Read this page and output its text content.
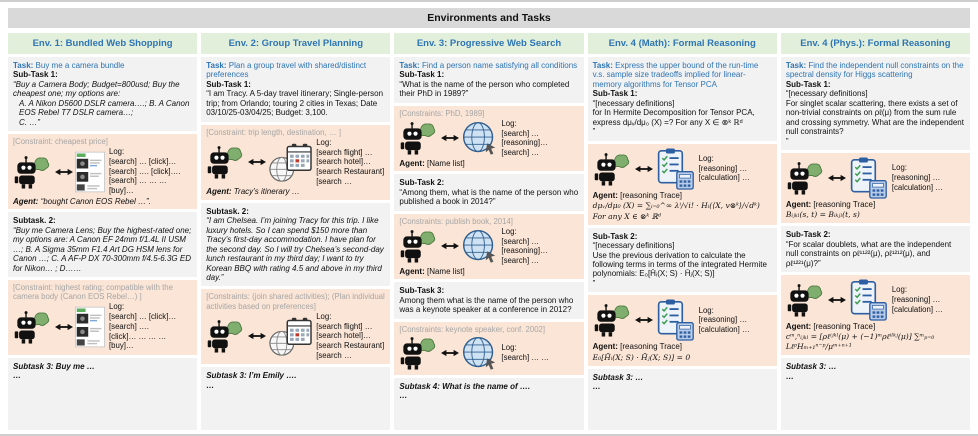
Environments and Tasks
Env. 1: Bundled Web Shopping
Task: Buy me a camera bundle
Sub-Task 1:
“Buy a Camera Body; Budget=800usd; Buy the cheapest one; my options are:
A. A Nikon D5600 DSLR camera….; B. A Canon EOS Rebel T7 DSLR camera…;
C. …”
[Constraint: cheapest price]
Log:
[search] … [click]…
[search] …. [click]….
[search] … … …
[buy]…
Agent: “bought Canon EOS Rebel …”.
Subtask. 2:
“Buy me Camera Lens; Buy the highest-rated one; my options are: A Canon EF 24mm f/1.4L II USM …; B. A Sigma 35mm F1.4 Art DG HSM lens for Canon …; C. A AF-P DX 70-300mm f/4.5-6.3G ED for Nikon… ; D……
[Constraint: highest rating; compatible with the camera body (Canon EOS Rebel…) ]
Log:
[search] … [click]…
[search] ….
[click]… … … …
[buy]…
Subtask 3: Buy me …
…
Env. 2: Group Travel Planning
Task: Plan a group travel with shared/distinct preferences
Sub-Task 1:
“I am Tracy. A 5-day travel itinerary; Single-person trip; from Orlando; touring 2 cities in Texas; Date 03/10/25-03/04/25; Budget: 3,100.
[Constraint: trip length, destination, … ]
Log:
[search flight] …
[search hotel]…
[search Restaurant]
[search …
Agent: Tracy’s itinerary …
Subtask. 2:
“I am Chelsea. I’m joining Tracy for this trip. I like luxury hotels. So I can spend $150 more than Tracy’s first-day accommodation. I have plan for the second day. So I will try Chelsea’s second-day lunch restaurant in my third day; I want to try Korean BBQ with rating 4.5 and above in my third day.”
[Constraints: (join shared activities); (Plan individual activities based on preferences]
Log:
[search flight] …
[search hotel]…
[search Restaurant]
[search …
Subtask 3: I’m Emily ….
…
Env. 3: Progressive Web Search
Task: Find a person name satisfying all conditions
Sub-Task 1:
“What is the name of the person who completed their PhD in 1989?”
[Constraints: PhD, 1989]
Log:
[search] …
[reasoning]…
[search] …
Agent: [Name list]
Sub-Task 2:
“Among them, what is the name of the person who published a book in 2014?”
[Constraints: publish book, 2014]
Log:
[search] …
[reasoning]…
[search] …
Agent: [Name list]
Sub-Task 3:
Among them what is the name of the person who was a keynote speaker at a conference in 2012?
[Constraints: keynote speaker, conf. 2002]
Log:
[search] … …
Subtask 4: What is the name of ….
…
Env. 4 (Math): Formal Reasoning
Task: Express the upper bound of the run-time v.s. sample size tradeoffs implied for linear-memory algorithms for Tensor PCA
Sub-Task 1:
“[necessary definitions]
for In Hermite Decomposition for Tensor PCA, express dμᵥ/dμ₀ (X) =? For any X ∈ ⊗ᵏ ℝᵈ
”
Log:
[reasoning] …
[calculation] …
Agent: [reasoning Trace]
dμᵥ/dμ₀ (X) = ∑ᵢ₌₀^∞ λⁱ/√i! · Hᵢ(⟨X, v⊗ᵏ⟩/√dᵏ)
For any X ∈ ⊗ᵏ ℝᵈ
Sub-Task 2:
“[necessary definitions]
Use the previous derivation to calculate the following terms in terms of the integrated Hermite polynomials: E₀[H̄ᵢ(X; S) · H̄ⱼ(X; S)]
”
Log:
[reasoning] …
[calculation] …
Agent: [reasoning Trace]
E₀[H̄ᵢ(X; S) · H̄ⱼ(X; S)] = 0
Subtask 3: …
…
Env. 4 (Phys.): Formal Reasoning
Task: Find the independent null constraints on the spectral density for Higgs scattering
Sub-Task 1:
“[necessary definitions]
For singlet scalar scattering, there exists a set of non-trivial constraints on ρℓ(μ) from the sum rule and crossing symmetry. What are the independent null constraints?
”
Log:
[reasoning] …
[calculation] …
Agent: [reasoning Trace]
Bᵢⱼₖₗ(s, t) = Bᵢₖⱼₗ(t, s)
Sub-Task 2:
“For scalar doublets, what are the independent null constraints on ρℓ¹¹²²(μ), ρℓ¹²¹²(μ), and ρℓ¹²²¹(μ)?”
Log:
[reasoning] …
[calculation] …
Agent: [reasoning Trace]
cᵐ,ⁿᵢⱼₖₗ = [ρℓⁱʲᵏˡ(μ) + (−1)ᵐρℓⁱˡᵏʲ(μ)] ∑ᵐₚ₌₀ LℓᵖHₘ₊₁ⁿ⁻ᵖ/μᵐ⁺ⁿ⁺¹
Subtask 3: …
…
